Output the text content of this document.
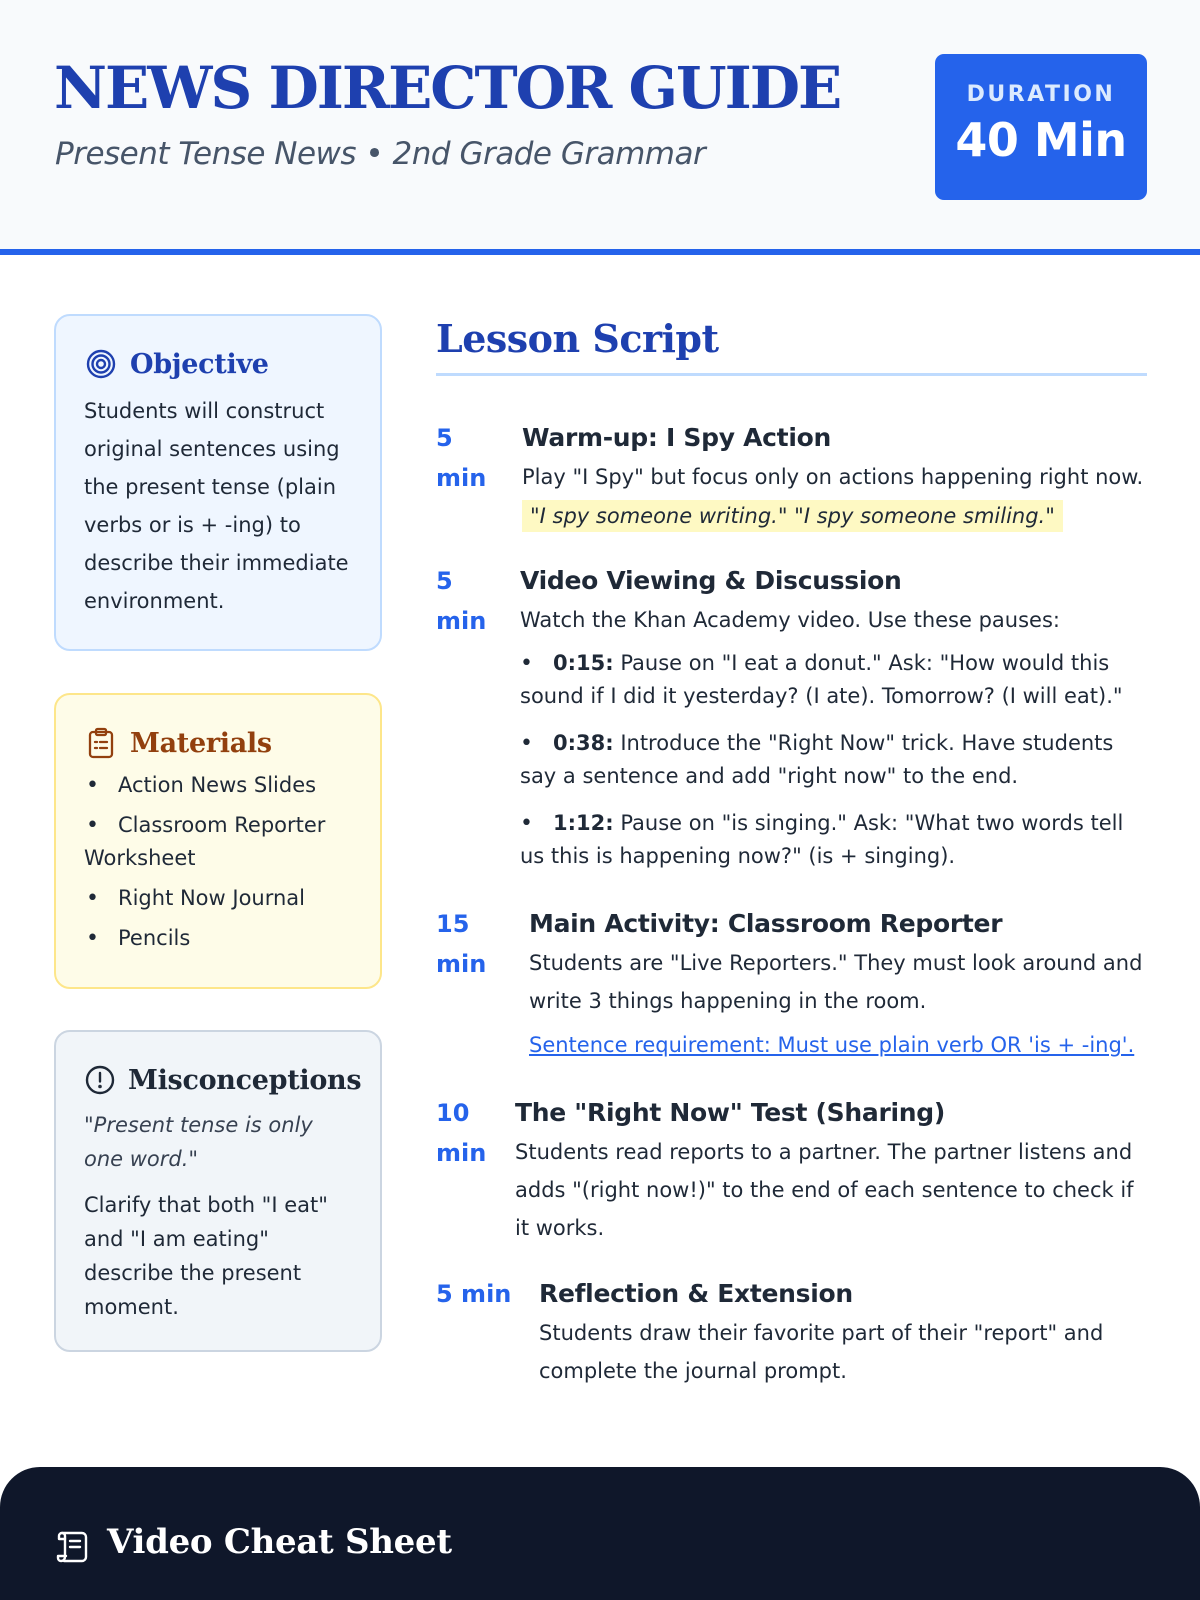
NEWS DIRECTOR GUIDE

Present Tense News • 2nd Grade Grammar

DURATION
40 Min
Objective

Students will construct original sentences using the present tense (plain verbs or is + -ing) to describe their immediate environment.

Materials
• Action News Slides
• Classroom Reporter Worksheet
• Right Now Journal
• Pencils
Misconceptions

"Present tense is only one word."

Clarify that both "I eat" and "I am eating" describe the present moment.

Lesson Script
5 min
Warm-up: I Spy Action
Play "I Spy" but focus only on actions happening right now.
"I spy someone writing." "I spy someone smiling."
5 min
Video Viewing & Discussion
Watch the Khan Academy video. Use these pauses:
• 0:15: Pause on "I eat a donut." Ask: "How would this sound if I did it yesterday? (I ate). Tomorrow? (I will eat)."
• 0:38: Introduce the "Right Now" trick. Have students say a sentence and add "right now" to the end.
• 1:12: Pause on "is singing." Ask: "What two words tell us this is happening now?" (is + singing).
15 min
Main Activity: Classroom Reporter
Students are "Live Reporters." They must look around and write 3 things happening in the room.
Sentence requirement: Must use plain verb OR 'is + -ing'.
10 min
The "Right Now" Test (Sharing)
Students read reports to a partner. The partner listens and adds "(right now!)" to the end of each sentence to check if it works.
5 min	Reflection & Extension
Students draw their favorite part of their "report" and complete the journal prompt.
Video Cheat Sheet
